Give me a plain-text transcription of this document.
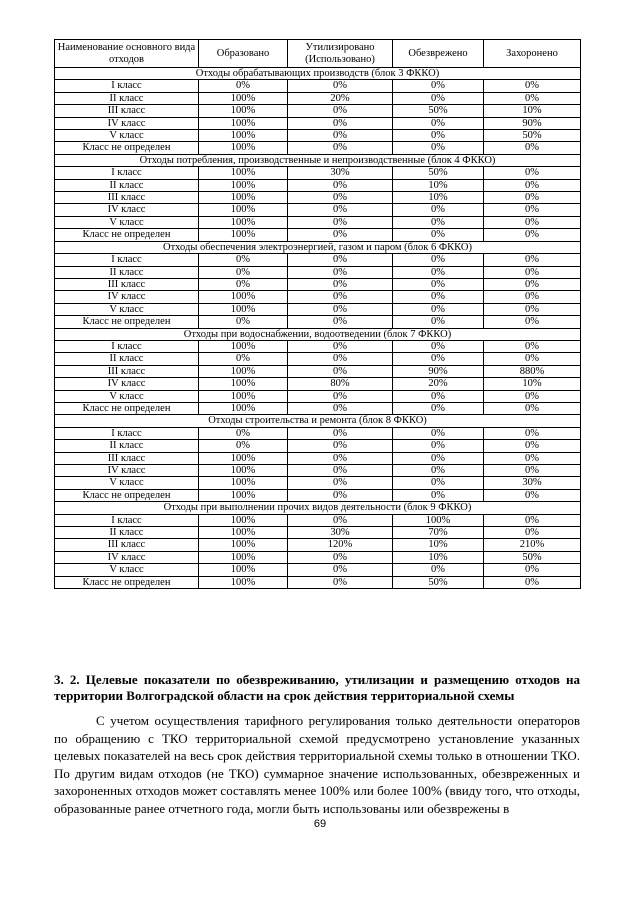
Наименование основного вида отходов	Образовано	Утилизировано (Использовано)	Обезврежено	Захоронено
Отходы обрабатывающих производств (блок 3 ФККО)				
I класс	0%	0%	0%	0%
II класс	100%	20%	0%	0%
III класс	100%	0%	50%	10%
IV класс	100%	0%	0%	90%
V класс	100%	0%	0%	50%
Класс не определен	100%	0%	0%	0%
Отходы потребления, производственные и непроизводственные (блок 4 ФККО)				
I класс	100%	30%	50%	0%
II класс	100%	0%	10%	0%
III класс	100%	0%	10%	0%
IV класс	100%	0%	0%	0%
V класс	100%	0%	0%	0%
Класс не определен	100%	0%	0%	0%
Отходы обеспечения электроэнергией, газом и паром (блок 6 ФККО)				
I класс	0%	0%	0%	0%
II класс	0%	0%	0%	0%
III класс	0%	0%	0%	0%
IV класс	100%	0%	0%	0%
V класс	100%	0%	0%	0%
Класс не определен	0%	0%	0%	0%
Отходы при водоснабжении, водоотведении (блок 7 ФККО)				
I класс	100%	0%	0%	0%
II класс	0%	0%	0%	0%
III класс	100%	0%	90%	880%
IV класс	100%	80%	20%	10%
V класс	100%	0%	0%	0%
Класс не определен	100%	0%	0%	0%
Отходы строительства и ремонта (блок 8 ФККО)				
I класс	0%	0%	0%	0%
II класс	0%	0%	0%	0%
III класс	100%	0%	0%	0%
IV класс	100%	0%	0%	0%
V класс	100%	0%	0%	30%
Класс не определен	100%	0%	0%	0%
Отходы при выполнении прочих видов деятельности (блок 9 ФККО)				
I класс	100%	0%	100%	0%
II класс	100%	30%	70%	0%
III класс	100%	120%	10%	210%
IV класс	100%	0%	10%	50%
V класс	100%	0%	0%	0%
Класс не определен	100%	0%	50%	0%

3. 2. Целевые показатели по обезвреживанию, утилизации и размещению отходов на территории Волгоградской области на срок действия территориальной схемы

С учетом осуществления тарифного регулирования только деятельности операторов по обращению с ТКО территориальной схемой предусмотрено установление указанных целевых показателей на весь срок действия территориальной схемы только в отношении ТКО. По другим видам отходов (не ТКО) суммарное значение использованных, обезвреженных и захороненных отходов может составлять менее 100% или более 100% (ввиду того, что отходы, образованные ранее отчетного года, могли быть использованы или обезврежены в

69
